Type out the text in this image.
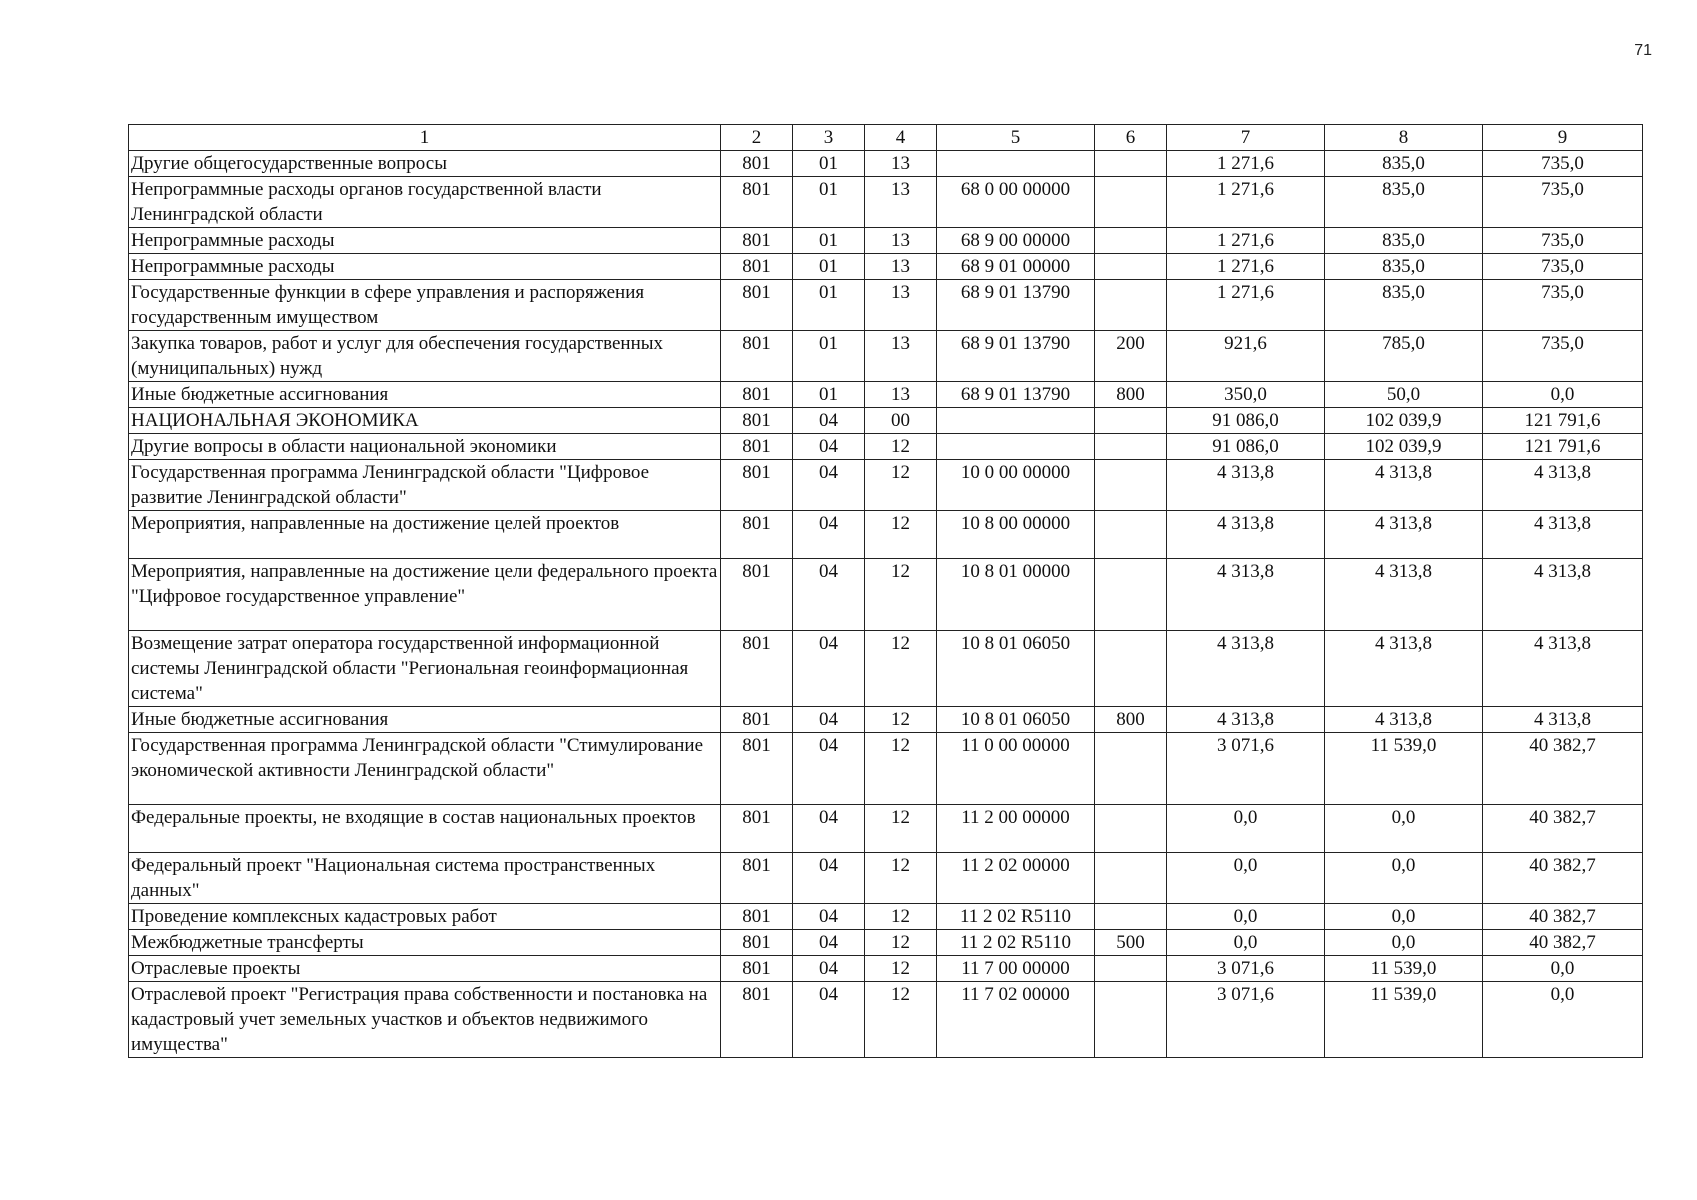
71
1	2	3	4	5	6	7	8	9
Другие общегосударственные вопросы	801	01	13			1 271,6	835,0	735,0
Непрограммные расходы органов государственной власти Ленинградской области	801	01	13	68 0 00 00000		1 271,6	835,0	735,0
Непрограммные расходы	801	01	13	68 9 00 00000		1 271,6	835,0	735,0
Непрограммные расходы	801	01	13	68 9 01 00000		1 271,6	835,0	735,0
Государственные функции в сфере управления и распоряжения государственным имуществом	801	01	13	68 9 01 13790		1 271,6	835,0	735,0
Закупка товаров, работ и услуг для обеспечения государственных (муниципальных) нужд	801	01	13	68 9 01 13790	200	921,6	785,0	735,0
Иные бюджетные ассигнования	801	01	13	68 9 01 13790	800	350,0	50,0	0,0
НАЦИОНАЛЬНАЯ ЭКОНОМИКА	801	04	00			91 086,0	102 039,9	121 791,6
Другие вопросы в области национальной экономики	801	04	12			91 086,0	102 039,9	121 791,6
Государственная программа Ленинградской области "Цифровое развитие Ленинградской области"	801	04	12	10 0 00 00000		4 313,8	4 313,8	4 313,8
Мероприятия, направленные на достижение целей проектов	801	04	12	10 8 00 00000		4 313,8	4 313,8	4 313,8
Мероприятия, направленные на достижение цели федерального проекта "Цифровое государственное управление"	801	04	12	10 8 01 00000		4 313,8	4 313,8	4 313,8
Возмещение затрат оператора государственной информационной системы Ленинградской области "Региональная геоинформационная система"	801	04	12	10 8 01 06050		4 313,8	4 313,8	4 313,8
Иные бюджетные ассигнования	801	04	12	10 8 01 06050	800	4 313,8	4 313,8	4 313,8
Государственная программа Ленинградской области "Стимулирование экономической активности Ленинградской области"	801	04	12	11 0 00 00000		3 071,6	11 539,0	40 382,7
Федеральные проекты, не входящие в состав национальных проектов	801	04	12	11 2 00 00000		0,0	0,0	40 382,7
Федеральный проект "Национальная система пространственных данных"	801	04	12	11 2 02 00000		0,0	0,0	40 382,7
Проведение комплексных кадастровых работ	801	04	12	11 2 02 R5110		0,0	0,0	40 382,7
Межбюджетные трансферты	801	04	12	11 2 02 R5110	500	0,0	0,0	40 382,7
Отраслевые проекты	801	04	12	11 7 00 00000		3 071,6	11 539,0	0,0
Отраслевой проект "Регистрация права собственности и постановка на кадастровый учет земельных участков и объектов недвижимого имущества"	801	04	12	11 7 02 00000		3 071,6	11 539,0	0,0
